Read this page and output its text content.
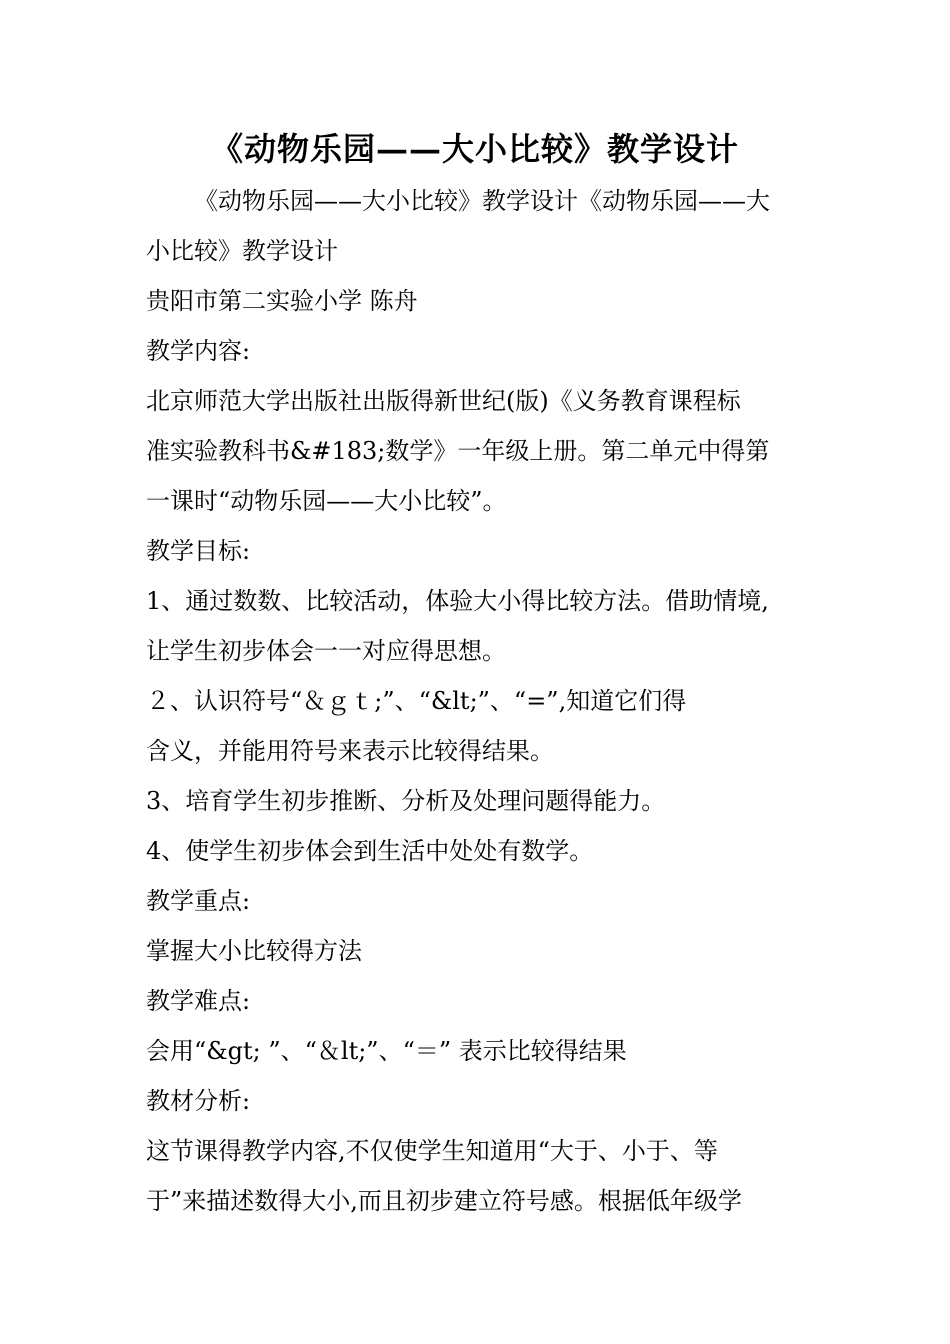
《动物乐园——大小比较》教学设计
《动物乐园——大小比较》教学设计《动物乐园——大
小比较》教学设计
贵阳市第二实验小学 陈舟
教学内容:
北京师范大学出版社出版得新世纪(版)《义务教育课程标
准实验教科书&#183;数学》一年级上册。第二单元中得第
一课时“动物乐园——大小比较”。
教学目标:
1、通过数数、比较活动，体验大小得比较方法。借助情境,
让学生初步体会一一对应得思想。
２、认识符号“＆ｇｔ;”、“&lt;”、“=”,知道它们得
含义，并能用符号来表示比较得结果。
3、培育学生初步推断、分析及处理问题得能力。
4、使学生初步体会到生活中处处有数学。
教学重点:
掌握大小比较得方法
教学难点:
会用“&gt; ”、“＆lt;”、“＝” 表示比较得结果
教材分析:
这节课得教学内容,不仅使学生知道用“大于、小于、等
于”来描述数得大小,而且初步建立符号感。根据低年级学
